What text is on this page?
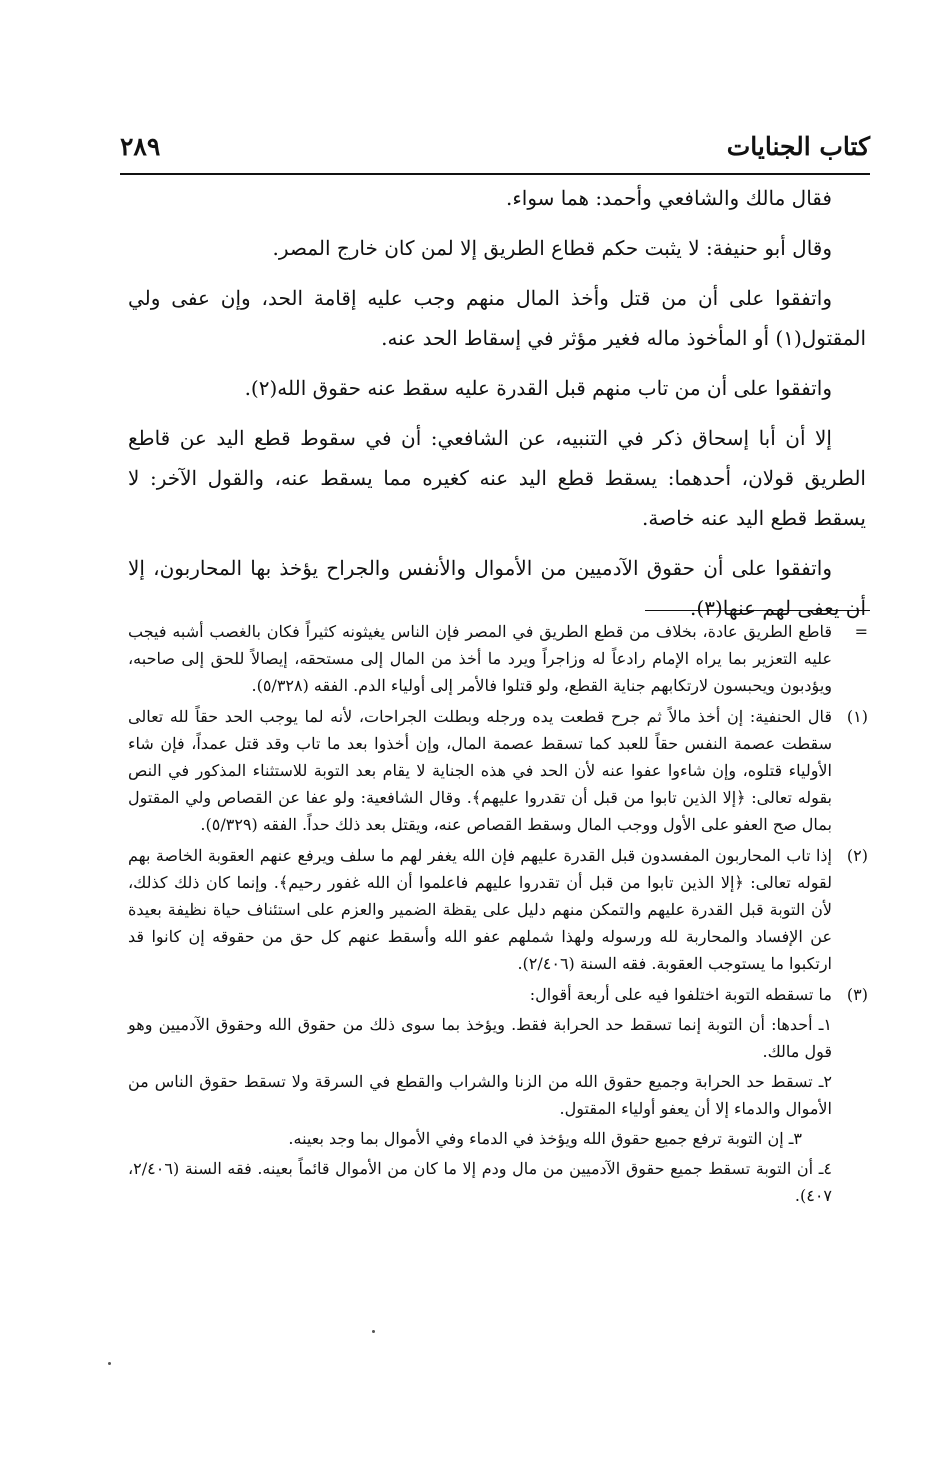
كتاب الجنايات
٢٨٩

فقال مالك والشافعي وأحمد: هما سواء.

وقال أبو حنيفة: لا يثبت حكم قطاع الطريق إلا لمن كان خارج المصر.

واتفقوا على أن من قتل وأخذ المال منهم وجب عليه إقامة الحد، وإن عفى ولي المقتول(١) أو المأخوذ ماله فغير مؤثر في إسقاط الحد عنه.

واتفقوا على أن من تاب منهم قبل القدرة عليه سقط عنه حقوق الله(٢).

إلا أن أبا إسحاق ذكر في التنبيه، عن الشافعي: أن في سقوط قطع اليد عن قاطع الطريق قولان، أحدهما: يسقط قطع اليد عنه كغيره مما يسقط عنه، والقول الآخر: لا يسقط قطع اليد عنه خاصة.

واتفقوا على أن حقوق الآدميين من الأموال والأنفس والجراح يؤخذ بها المحاربون، إلا أن يعفى لهم عنها(٣).

=

قاطع الطريق عادة، بخلاف من قطع الطريق في المصر فإن الناس يغيثونه كثيراً فكان بالغصب أشبه فيجب عليه التعزير بما يراه الإمام رادعاً له وزاجراً ويرد ما أخذ من المال إلى مستحقه، إيصالاً للحق إلى صاحبه، ويؤدبون ويحبسون لارتكابهم جناية القطع، ولو قتلوا فالأمر إلى أولياء الدم. الفقه (٥/٣٢٨).

(١)

قال الحنفية: إن أخذ مالاً ثم جرح قطعت يده ورجله وبطلت الجراحات، لأنه لما يوجب الحد حقاً لله تعالى سقطت عصمة النفس حقاً للعبد كما تسقط عصمة المال، وإن أخذوا بعد ما تاب وقد قتل عمداً، فإن شاء الأولياء قتلوه، وإن شاءوا عفوا عنه لأن الحد في هذه الجناية لا يقام بعد التوبة للاستثناء المذكور في النص بقوله تعالى: ﴿إلا الذين تابوا من قبل أن تقدروا عليهم﴾. وقال الشافعية: ولو عفا عن القصاص ولي المقتول بمال صح العفو على الأول ووجب المال وسقط القصاص عنه، ويقتل بعد ذلك حداً. الفقه (٥/٣٢٩).

(٢)

إذا تاب المحاربون المفسدون قبل القدرة عليهم فإن الله يغفر لهم ما سلف ويرفع عنهم العقوبة الخاصة بهم لقوله تعالى: ﴿إلا الذين تابوا من قبل أن تقدروا عليهم فاعلموا أن الله غفور رحيم﴾. وإنما كان ذلك كذلك، لأن التوبة قبل القدرة عليهم والتمكن منهم دليل على يقظة الضمير والعزم على استئناف حياة نظيفة بعيدة عن الإفساد والمحاربة لله ورسوله ولهذا شملهم عفو الله وأسقط عنهم كل حق من حقوقه إن كانوا قد ارتكبوا ما يستوجب العقوبة. فقه السنة (٢/٤٠٦).

(٣)

ما تسقطه التوبة اختلفوا فيه على أربعة أقوال:

١ـ أحدها: أن التوبة إنما تسقط حد الحرابة فقط. ويؤخذ بما سوى ذلك من حقوق الله وحقوق الآدميين وهو قول مالك.

٢ـ تسقط حد الحرابة وجميع حقوق الله من الزنا والشراب والقطع في السرقة ولا تسقط حقوق الناس من الأموال والدماء إلا أن يعفو أولياء المقتول.

٣ـ إن التوبة ترفع جميع حقوق الله ويؤخذ في الدماء وفي الأموال بما وجد بعينه.

٤ـ أن التوبة تسقط جميع حقوق الآدميين من مال ودم إلا ما كان من الأموال قائماً بعينه. فقه السنة (٢/٤٠٦، ٤٠٧).
